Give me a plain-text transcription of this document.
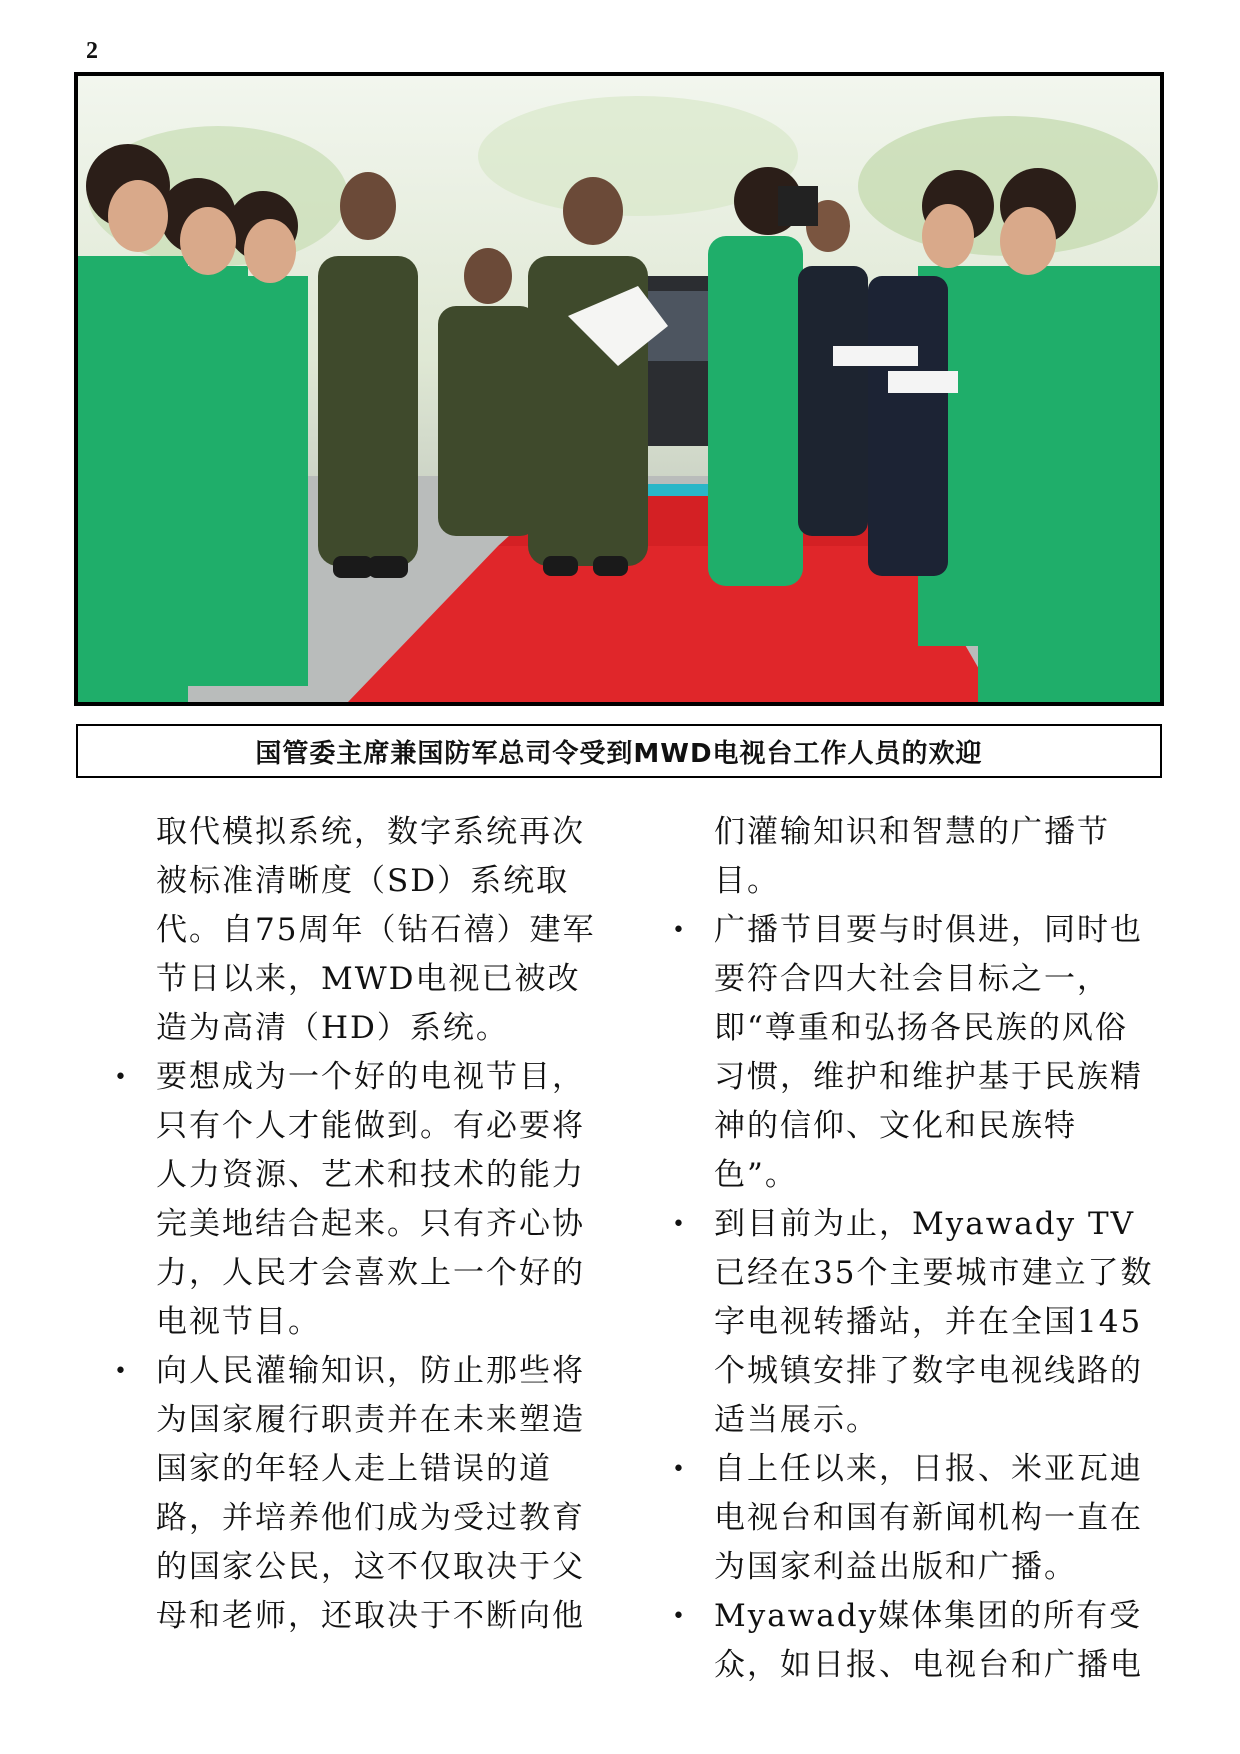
2
国管委主席兼国防军总司令受到MWD电视台工作人员的欢迎

取代模拟系统，数字系统再次被标准清晰度（SD）系统取代。自75周年（钻石禧）建军节日以来，MWD电视已被改造为高清（HD）系统。

• 要想成为一个好的电视节目，只有个人才能做到。有必要将人力资源、艺术和技术的能力完美地结合起来。只有齐心协力，人民才会喜欢上一个好的电视节目。

• 向人民灌输知识，防止那些将为国家履行职责并在未来塑造国家的年轻人走上错误的道路，并培养他们成为受过教育的国家公民，这不仅取决于父母和老师，还取决于不断向他

们灌输知识和智慧的广播节目。

• 广播节目要与时俱进，同时也要符合四大社会目标之一，即“尊重和弘扬各民族的风俗习惯，维护和维护基于民族精神的信仰、文化和民族特色”。

• 到目前为止，Myawady TV已经在35个主要城市建立了数字电视转播站，并在全国145个城镇安排了数字电视线路的适当展示。

• 自上任以来，日报、米亚瓦迪电视台和国有新闻机构一直在为国家利益出版和广播。

• Myawady媒体集团的所有受众，如日报、电视台和广播电
